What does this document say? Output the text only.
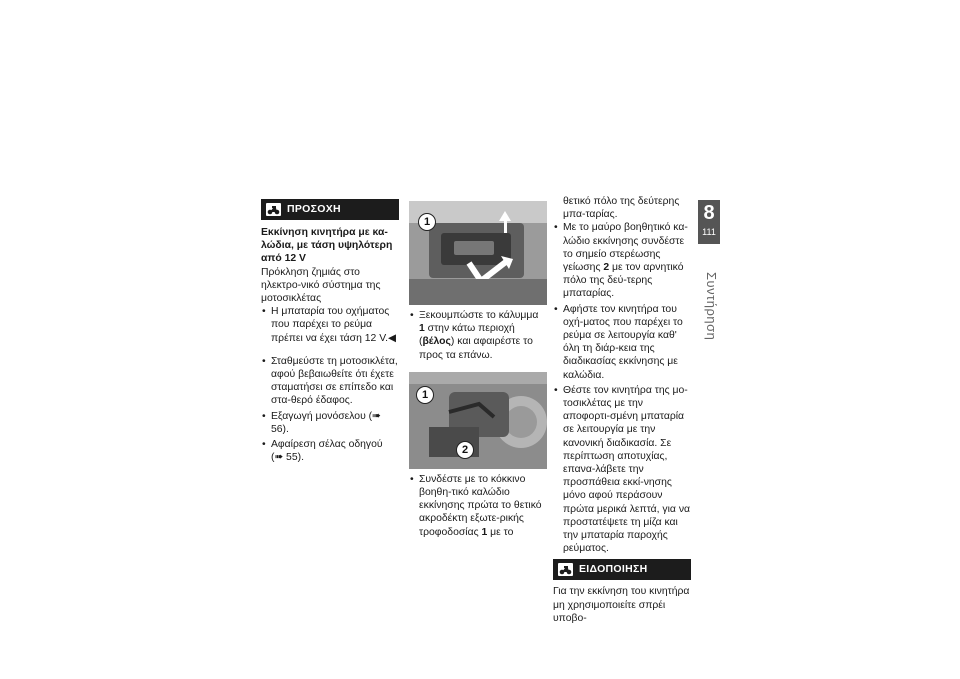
ΠΡΟΣΟΧΗ

Εκκίνηση κινητήρα με κα-λώδια, με τάση υψηλότερη από 12 V

Πρόκληση ζημιάς στο ηλεκτρο-νικό σύστημα της μοτοσικλέτας

• Η μπαταρία του οχήματος που παρέχει το ρεύμα πρέπει να έχει τάση 12 V.◀
• Σταθμεύστε τη μοτοσικλέτα, αφού βεβαιωθείτε ότι έχετε σταματήσει σε επίπεδο και στα-θερό έδαφος.
• Εξαγωγή μονόσελου (➠ 56).
• Αφαίρεση σέλας οδηγού
(➠ 55).
1
• Ξεκουμπώστε το κάλυμμα 1 στην κάτω περιοχή (βέλος) και αφαιρέστε το προς τα επάνω.
1
2
• Συνδέστε με το κόκκινο βοηθη-τικό καλώδιο εκκίνησης πρώτα το θετικό ακροδέκτη εξωτε-ρικής τροφοδοσίας 1 με το

θετικό πόλο της δεύτερης μπα-ταρίας.

• Με το μαύρο βοηθητικό κα-λώδιο εκκίνησης συνδέστε το σημείο στερέωσης γείωσης 2 με τον αρνητικό πόλο της δεύ-τερης μπαταρίας.
• Αφήστε τον κινητήρα του οχή-ματος που παρέχει το ρεύμα σε λειτουργία καθ' όλη τη διάρ-κεια της διαδικασίας εκκίνησης με καλώδια.
• Θέστε τον κινητήρα της μο-τοσικλέτας με την αποφορτι-σμένη μπαταρία σε λειτουργία με την κανονική διαδικασία. Σε περίπτωση αποτυχίας, επανα-λάβετε την προσπάθεια εκκί-νησης μόνο αφού περάσουν πρώτα μερικά λεπτά, για να προστατέψετε τη μίζα και την μπαταρία παροχής ρεύματος.
ΕΙΔΟΠΟΙΗΣΗ

Για την εκκίνηση του κινητήρα μη χρησιμοποιείτε σπρέι υποβο-

8
111
Συντήρηση
